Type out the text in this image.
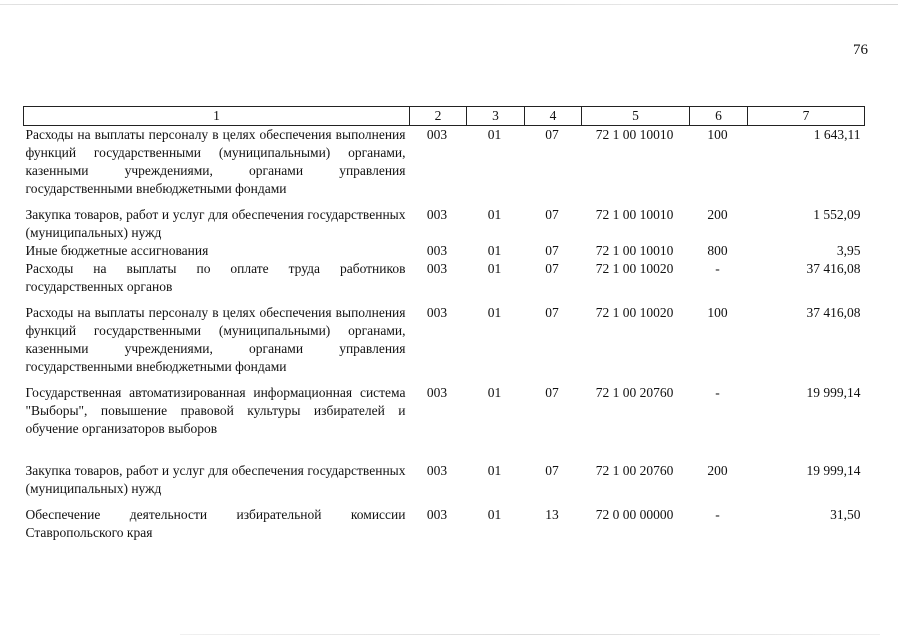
76
1	2	3	4	5	6	7
Расходы на выплаты персоналу в целях обеспечения выполнения функций государственными (муниципальными) органами, казенными учреждениями, органами управления государственными внебюджетными фондами	003	01	07	72 1 00 10010	100	1 643,11
Закупка товаров, работ и услуг для обеспечения государственных (муниципальных) нужд	003	01	07	72 1 00 10010	200	1 552,09
Иные бюджетные ассигнования	003	01	07	72 1 00 10010	800	3,95
Расходы на выплаты по оплате труда работников государственных органов	003	01	07	72 1 00 10020	-	37 416,08
Расходы на выплаты персоналу в целях обеспечения выполнения функций государственными (муниципальными) органами, казенными учреждениями, органами управления государственными внебюджетными фондами	003	01	07	72 1 00 10020	100	37 416,08
Государственная автоматизированная информационная система "Выборы", повышение правовой культуры избирателей и обучение организаторов выборов	003	01	07	72 1 00 20760	-	19 999,14
Закупка товаров, работ и услуг для обеспечения государственных (муниципальных) нужд	003	01	07	72 1 00 20760	200	19 999,14
Обеспечение деятельности избирательной комиссии Ставропольского края	003	01	13	72 0 00 00000	-	31,50
